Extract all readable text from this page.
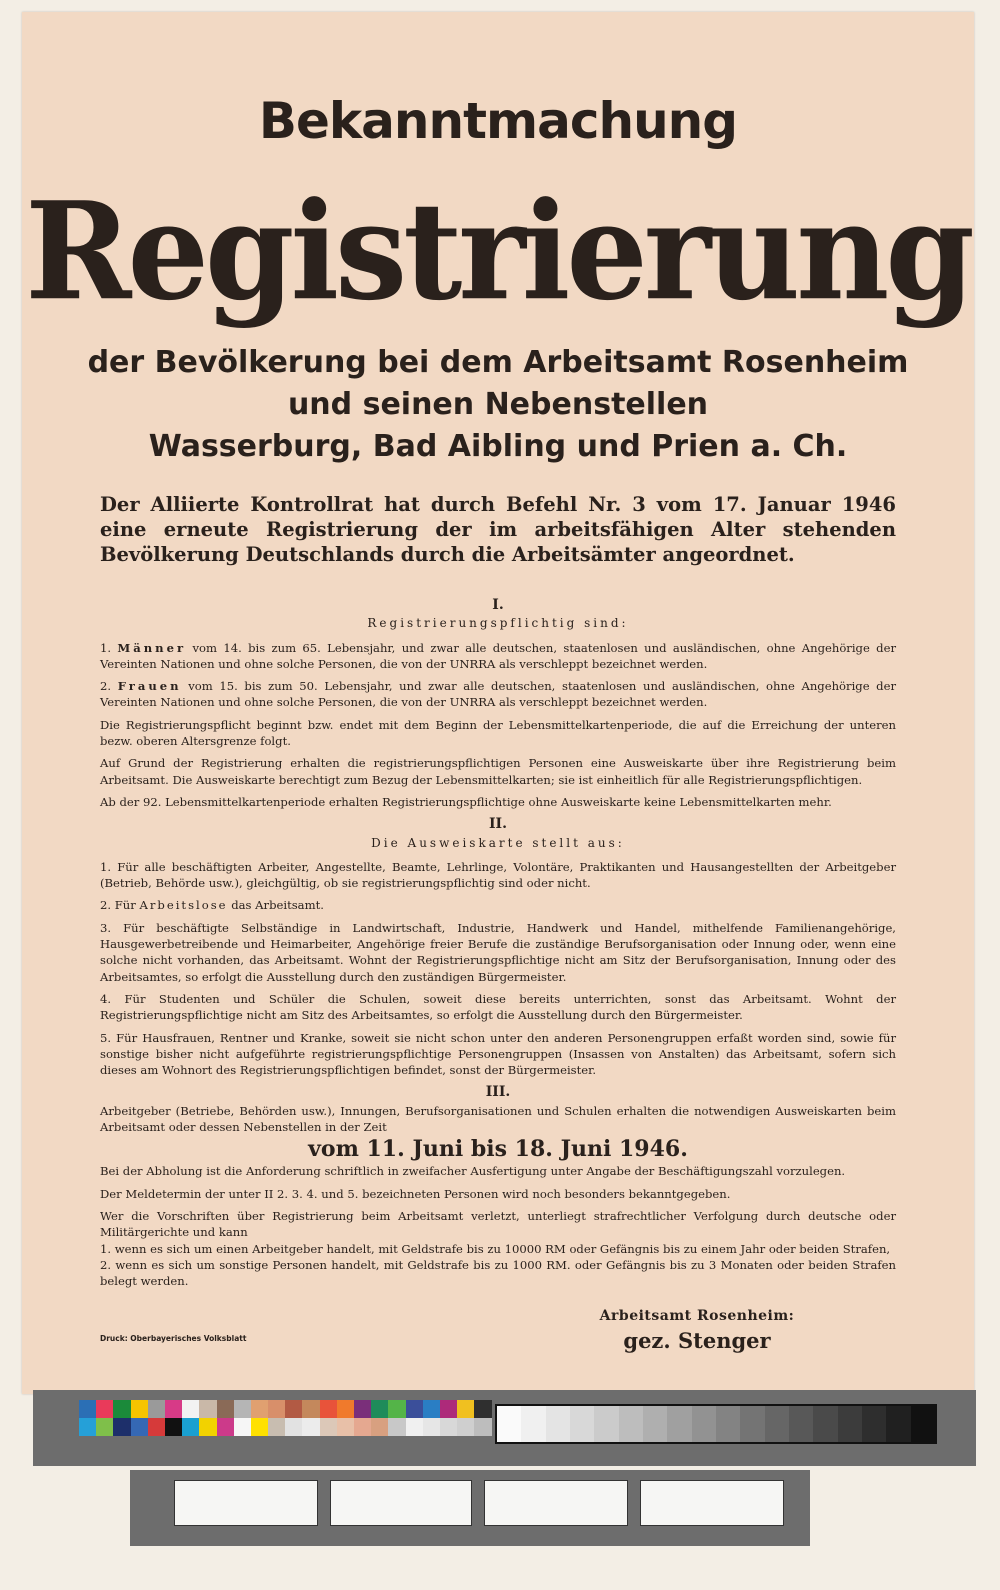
Bekanntmachung
Registrierung
der Bevölkerung bei dem Arbeitsamt Rosenheim
und seinen Nebenstellen
Wasserburg, Bad Aibling und Prien a. Ch.
Der Alliierte Kontrollrat hat durch Befehl Nr. 3 vom 17. Januar 1946 eine erneute Registrierung der im arbeitsfähigen Alter stehenden Bevölkerung Deutschlands durch die Arbeitsämter angeordnet.
I.
Registrierungspflichtig sind:

1. Männer vom 14. bis zum 65. Lebensjahr, und zwar alle deutschen, staatenlosen und ausländischen, ohne Angehörige der Vereinten Nationen und ohne solche Personen, die von der UNRRA als verschleppt bezeichnet werden.

2. Frauen vom 15. bis zum 50. Lebensjahr, und zwar alle deutschen, staatenlosen und ausländischen, ohne Angehörige der Vereinten Nationen und ohne solche Personen, die von der UNRRA als verschleppt bezeichnet werden.

Die Registrierungspflicht beginnt bzw. endet mit dem Beginn der Lebensmittelkartenperiode, die auf die Erreichung der unteren bezw. oberen Altersgrenze folgt.

Auf Grund der Registrierung erhalten die registrierungspflichtigen Personen eine Ausweiskarte über ihre Registrierung beim Arbeitsamt. Die Ausweiskarte berechtigt zum Bezug der Lebensmittelkarten; sie ist einheitlich für alle Registrierungspflichtigen.

Ab der 92. Lebensmittelkartenperiode erhalten Registrierungspflichtige ohne Ausweiskarte keine Lebensmittelkarten mehr.

II.
Die Ausweiskarte stellt aus:

1. Für alle beschäftigten Arbeiter, Angestellte, Beamte, Lehrlinge, Volontäre, Praktikanten und Hausangestellten der Arbeitgeber (Betrieb, Behörde usw.), gleichgültig, ob sie registrierungspflichtig sind oder nicht.

2. Für Arbeitslose das Arbeitsamt.

3. Für beschäftigte Selbständige in Landwirtschaft, Industrie, Handwerk und Handel, mithelfende Familienangehörige, Hausgewerbetreibende und Heimarbeiter, Angehörige freier Berufe die zuständige Berufsorganisation oder Innung oder, wenn eine solche nicht vorhanden, das Arbeitsamt. Wohnt der Registrierungspflichtige nicht am Sitz der Berufsorganisation, Innung oder des Arbeitsamtes, so erfolgt die Ausstellung durch den zuständigen Bürgermeister.

4. Für Studenten und Schüler die Schulen, soweit diese bereits unterrichten, sonst das Arbeitsamt. Wohnt der Registrierungspflichtige nicht am Sitz des Arbeitsamtes, so erfolgt die Ausstellung durch den Bürgermeister.

5. Für Hausfrauen, Rentner und Kranke, soweit sie nicht schon unter den anderen Personengruppen erfaßt worden sind, sowie für sonstige bisher nicht aufgeführte registrierungspflichtige Personengruppen (Insassen von Anstalten) das Arbeitsamt, sofern sich dieses am Wohnort des Registrierungspflichtigen befindet, sonst der Bürgermeister.

III.

Arbeitgeber (Betriebe, Behörden usw.), Innungen, Berufsorganisationen und Schulen erhalten die notwendigen Ausweiskarten beim Arbeitsamt oder dessen Nebenstellen in der Zeit

vom 11. Juni bis 18. Juni 1946.

Bei der Abholung ist die Anforderung schriftlich in zweifacher Ausfertigung unter Angabe der Beschäftigungszahl vorzulegen.

Der Meldetermin der unter II 2. 3. 4. und 5. bezeichneten Personen wird noch besonders bekanntgegeben.

Wer die Vorschriften über Registrierung beim Arbeitsamt verletzt, unterliegt strafrechtlicher Verfolgung durch deutsche oder Militärgerichte und kann
1. wenn es sich um einen Arbeitgeber handelt, mit Geldstrafe bis zu 10000 RM oder Gefängnis bis zu einem Jahr oder beiden Strafen,
2. wenn es sich um sonstige Personen handelt, mit Geldstrafe bis zu 1000 RM. oder Gefängnis bis zu 3 Monaten oder beiden Strafen belegt werden.

Arbeitsamt Rosenheim:
gez. Stenger
Druck: Oberbayerisches Volksblatt
